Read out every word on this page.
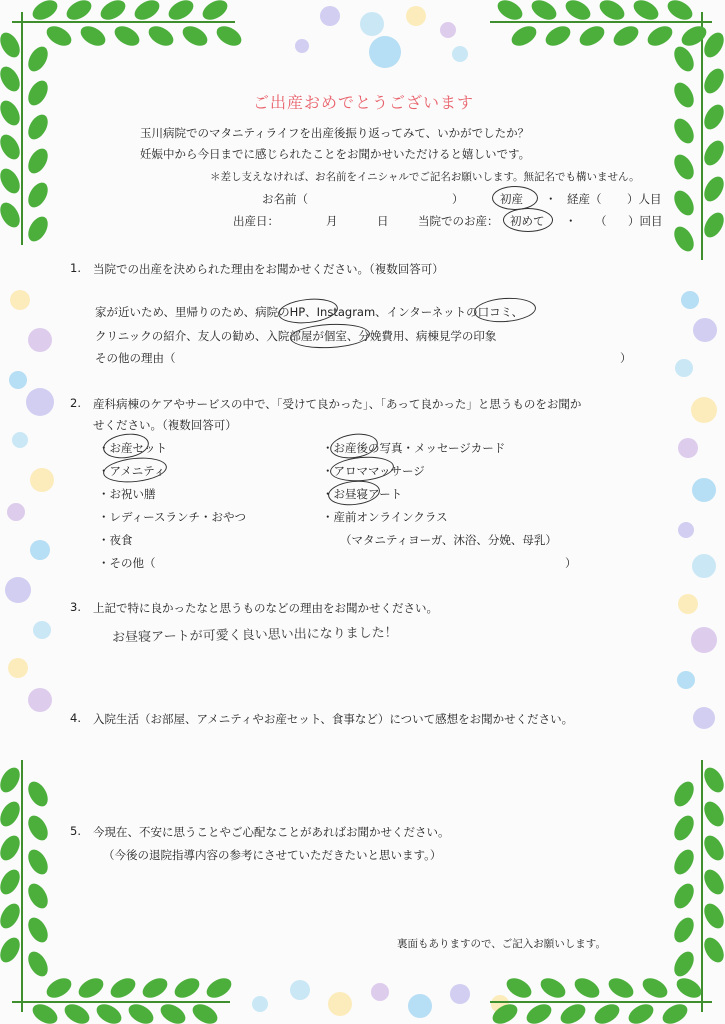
ご出産おめでとうございます
玉川病院でのマタニティライフを出産後振り返ってみて、いかがでしたか？
妊娠中から今日までに感じられたことをお聞かせいただけると嬉しいです。
＊差し支えなければ、お名前をイニシャルでご記名お願いします。無記名でも構いません。
お名前（	）	初産 ・ 経産（ ）人目
出産日：	月	日	当院でのお産： 初めて ・ （ ）回目
1. 当院での出産を決められた理由をお聞かせください。（複数回答可）
家が近いため、里帰りのため、病院のHP、Instagram、インターネットの口コミ、
クリニックの紹介、友人の勧め、入院部屋が個室、分娩費用、病棟見学の印象
その他の理由（	）
2. 産科病棟のケアやサービスの中で、「受けて良かった」、「あって良かった」と思うものをお聞か
せください。（複数回答可）
・お産セット
・アメニティ
・お祝い膳
・レディースランチ・おやつ
・夜食
・その他（	）
・お産後の写真・メッセージカード
・アロママッサージ
・お昼寝アート
・産前オンラインクラス
（マタニティヨーガ、沐浴、分娩、母乳）
3. 上記で特に良かったなと思うものなどの理由をお聞かせください。
お昼寝アートが可愛く良い思い出になりました！
4. 入院生活（お部屋、アメニティやお産セット、食事など）について感想をお聞かせください。
5. 今現在、不安に思うことやご心配なことがあればお聞かせください。
（今後の退院指導内容の参考にさせていただきたいと思います。）
裏面もありますので、ご記入お願いします。
